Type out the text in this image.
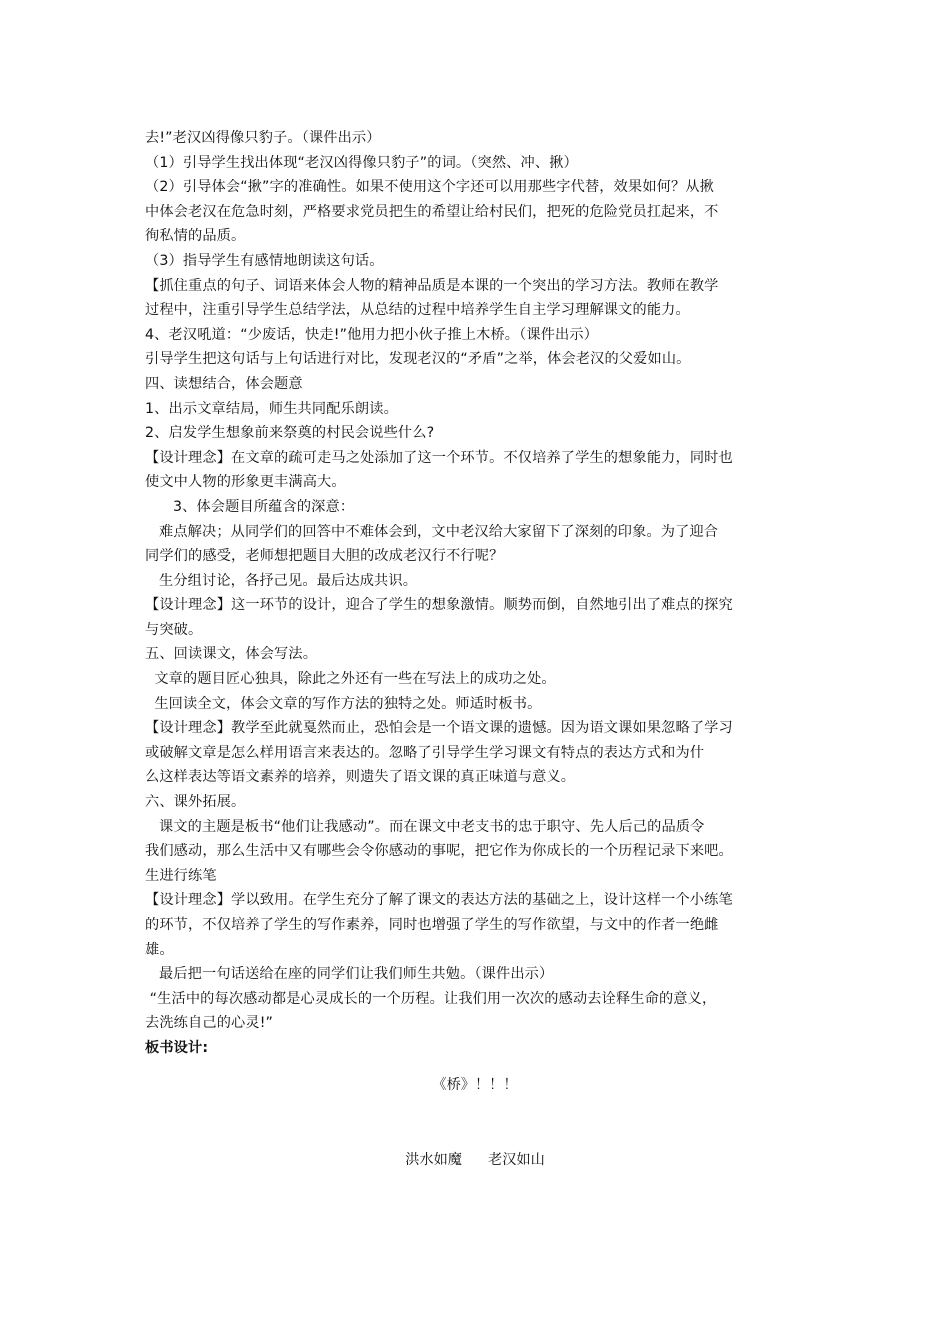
去!”老汉凶得像只豹子。（课件出示）
（1）引导学生找出体现“老汉凶得像只豹子”的词。（突然、冲、揪）
（2）引导体会“揪”字的准确性。如果不使用这个字还可以用那些字代替，效果如何？从揪
中体会老汉在危急时刻，严格要求党员把生的希望让给村民们，把死的危险党员扛起来，不
徇私情的品质。
（3）指导学生有感情地朗读这句话。
【抓住重点的句子、词语来体会人物的精神品质是本课的一个突出的学习方法。教师在教学
过程中，注重引导学生总结学法，从总结的过程中培养学生自主学习理解课文的能力。
4、老汉吼道：“少废话，快走!”他用力把小伙子推上木桥。（课件出示）
引导学生把这句话与上句话进行对比，发现老汉的“矛盾”之举，体会老汉的父爱如山。
四、读想结合，体会题意
1、出示文章结局，师生共同配乐朗读。
2、启发学生想象前来祭奠的村民会说些什么?
【设计理念】在文章的疏可走马之处添加了这一个环节。不仅培养了学生的想象能力，同时也
使文中人物的形象更丰满高大。
3、体会题目所蕴含的深意：
难点解决；从同学们的回答中不难体会到，文中老汉给大家留下了深刻的印象。为了迎合
同学们的感受，老师想把题目大胆的改成老汉行不行呢？
生分组讨论，各抒己见。最后达成共识。
【设计理念】这一环节的设计，迎合了学生的想象激情。顺势而倒，自然地引出了难点的探究
与突破。
五、回读课文，体会写法。
文章的题目匠心独具，除此之外还有一些在写法上的成功之处。
生回读全文，体会文章的写作方法的独特之处。师适时板书。
【设计理念】教学至此就戛然而止，恐怕会是一个语文课的遗憾。因为语文课如果忽略了学习
或破解文章是怎么样用语言来表达的。忽略了引导学生学习课文有特点的表达方式和为什
么这样表达等语文素养的培养，则遗失了语文课的真正味道与意义。
六、课外拓展。
课文的主题是板书“他们让我感动”。而在课文中老支书的忠于职守、先人后己的品质令
我们感动，那么生活中又有哪些会令你感动的事呢，把它作为你成长的一个历程记录下来吧。
生进行练笔
【设计理念】学以致用。在学生充分了解了课文的表达方法的基础之上，设计这样一个小练笔
的环节，不仅培养了学生的写作素养，同时也增强了学生的写作欲望，与文中的作者一绝雌
雄。
最后把一句话送给在座的同学们让我们师生共勉。（课件出示）
“生活中的每次感动都是心灵成长的一个历程。让我们用一次次的感动去诠释生命的意义，
去洗练自己的心灵!”
板书设计:
《桥》！！！
洪水如魔 老汉如山
